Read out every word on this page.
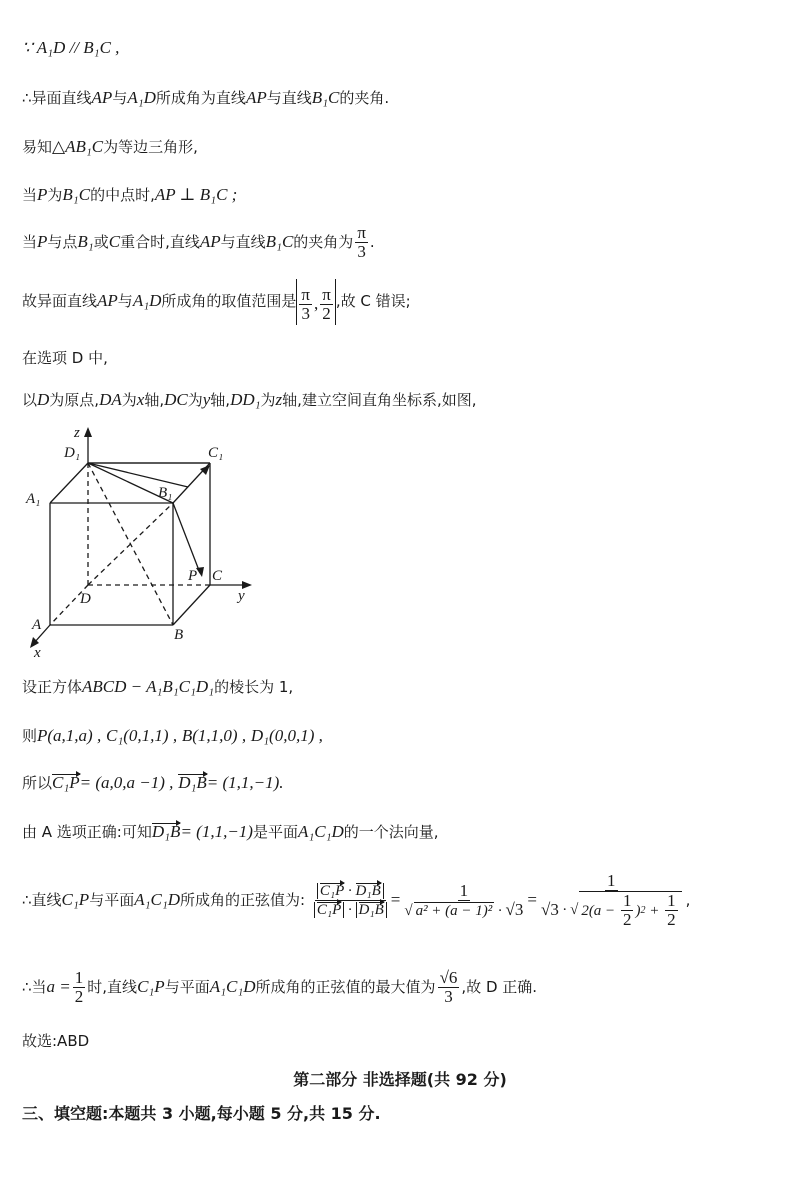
∵ A₁D // B₁C ,
∴异面直线AP与A₁D所成角为直线AP与直线B₁C的夹角.
易知△AB₁C为等边三角形,
当P为B₁C的中点时,AP ⊥ B₁C ;
当P与点B₁或C重合时,直线AP与直线B₁C的夹角为 $\frac{\pi}{3}$ .
故异面直线AP与A₁D所成角的取值范围是 $\frac{\pi}{3}$ , $\frac{\pi}{2}$ ,故 C 错误;
在选项 D 中,
以D为原点,DA为x轴,DC为y轴,DD₁为z轴,建立空间直角坐标系,如图,
z
D₁	C₁
A₁	B₁
P C
y
D
A
B
x
设正方体ABCD − A₁B₁C₁D₁的棱长为 1,
则P(a,1,a) , C₁(0,1,1) , B(1,1,0) , D₁(0,0,1) ,
所以C₁P= (a,0,a −1) , D₁B= (1,1,−1).
由 A 选项正确:可知D₁B= (1,1,−1)是平面A₁C₁D的一个法向量,
∴直线C₁P与平面A₁C₁D所成角的正弦值为: $\frac{\text{C₁P · D₁B}}{\text{C₁P · D₁B}} = \frac{1}{\text{√ a² + (a − 1)² · √3}} = 1$
√3
· √ $2(a - \frac{1}{2}$ ) $2 + \frac{1}{2}$ ,
∴当$a = \frac{1}{2}$ 时,直线C₁P与平面A₁C₁D所成角的正弦值的最大值为 $\frac{√6}{3}$ ,故 D 正确.
故选:ABD
第二部分 非选择题(共 92 分)
三、填空题:本题共 3 小题,每小题 5 分,共 15 分.
